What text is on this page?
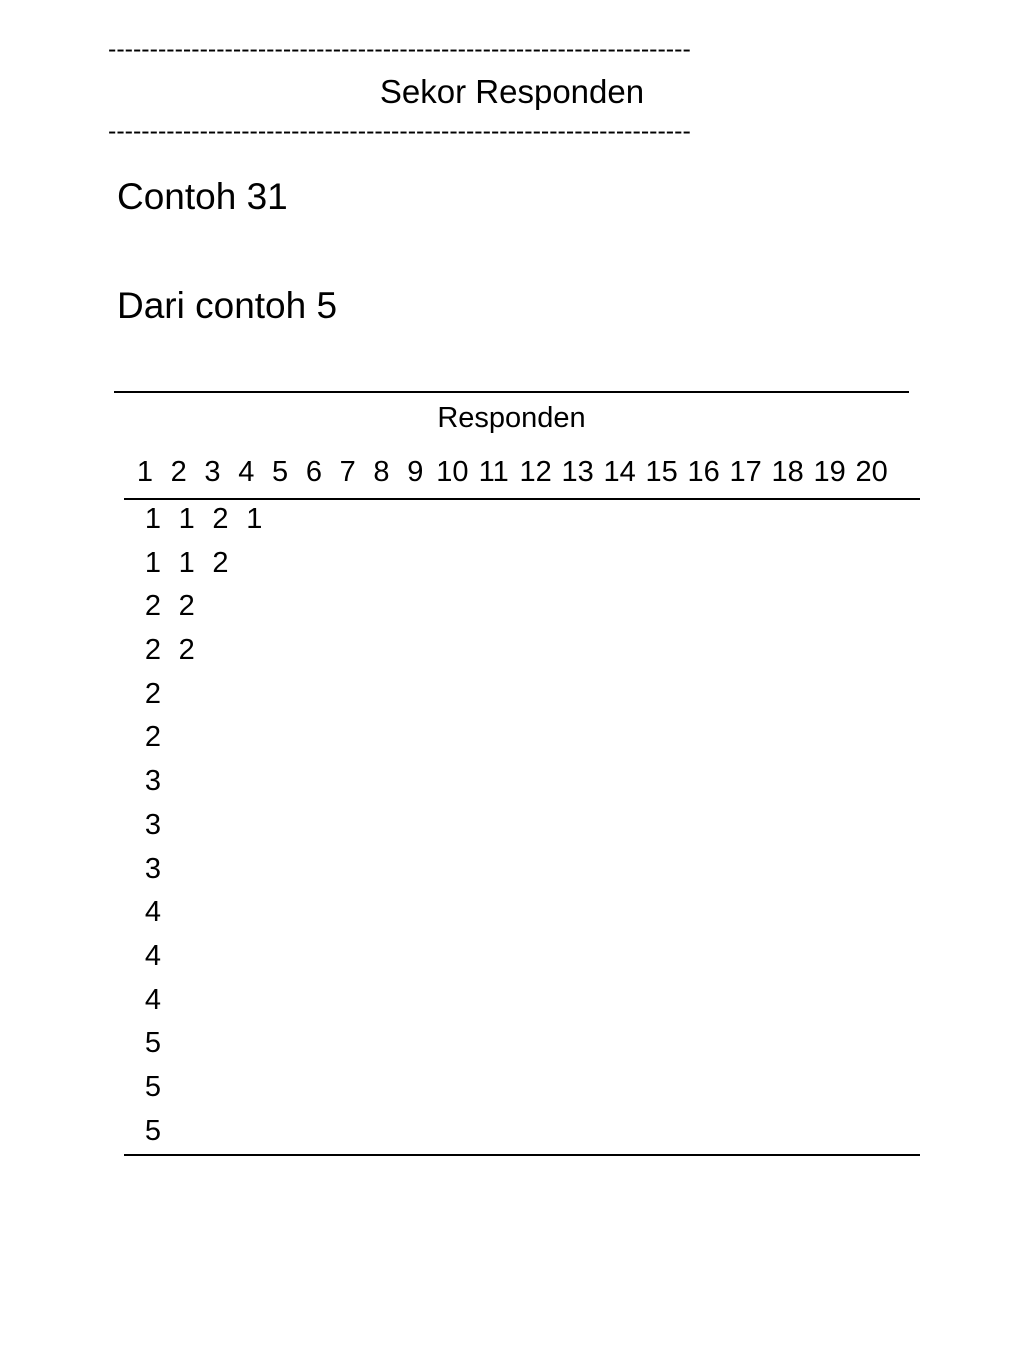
----------------------------------------------------------------------
Sekor Responden
----------------------------------------------------------------------
Contoh 31
Dari contoh 5
Responden
1 2 3 4 5 6 7 8 9 10 11 12 13 14 15 16 17 18 19 20
1 1 2 1
1 1 2
2 2
2 2
2
2
3
3
3
4
4
4
5
5
5
